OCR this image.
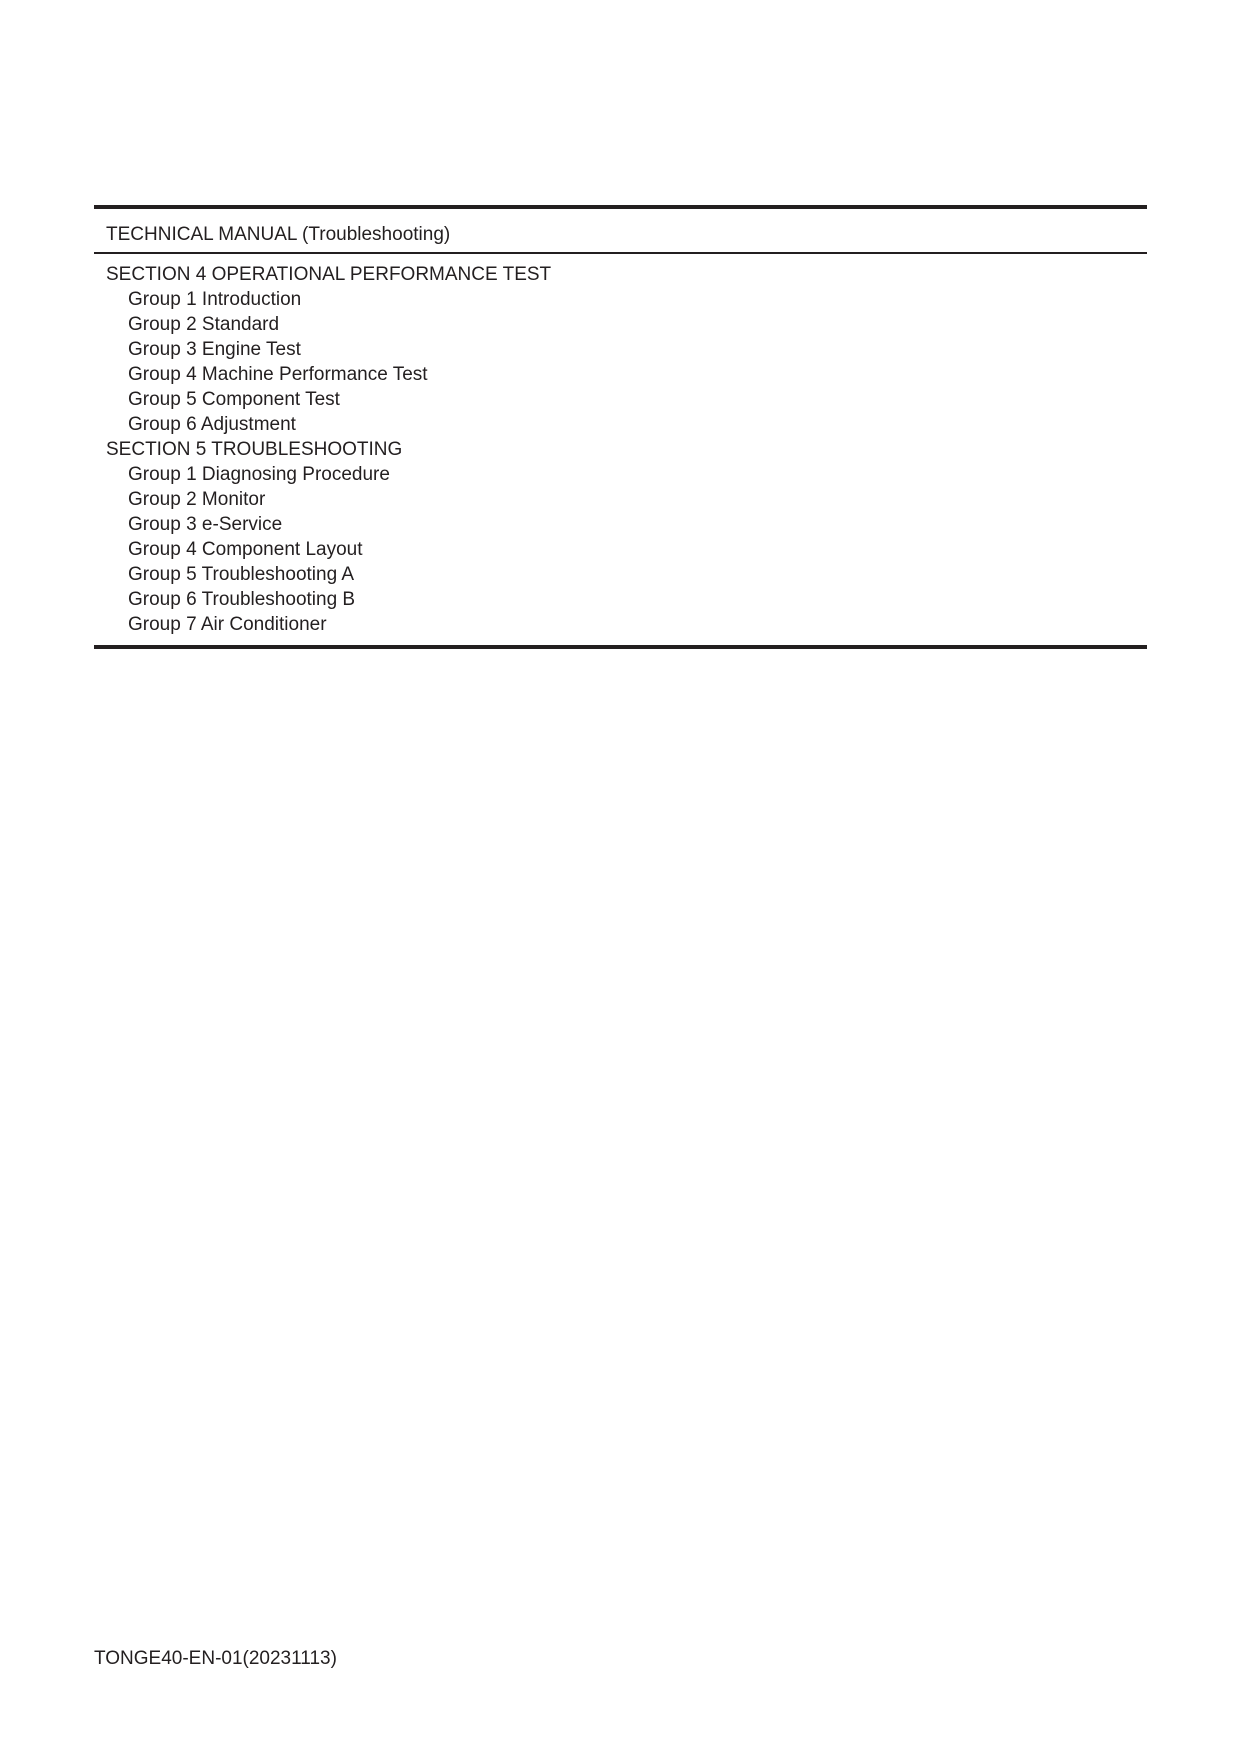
TECHNICAL MANUAL (Troubleshooting)
SECTION 4 OPERATIONAL PERFORMANCE TEST
Group 1 Introduction
Group 2 Standard
Group 3 Engine Test
Group 4 Machine Performance Test
Group 5 Component Test
Group 6 Adjustment
SECTION 5 TROUBLESHOOTING
Group 1 Diagnosing Procedure
Group 2 Monitor
Group 3 e-Service
Group 4 Component Layout
Group 5 Troubleshooting A
Group 6 Troubleshooting B
Group 7 Air Conditioner
TONGE40-EN-01(20231113)
